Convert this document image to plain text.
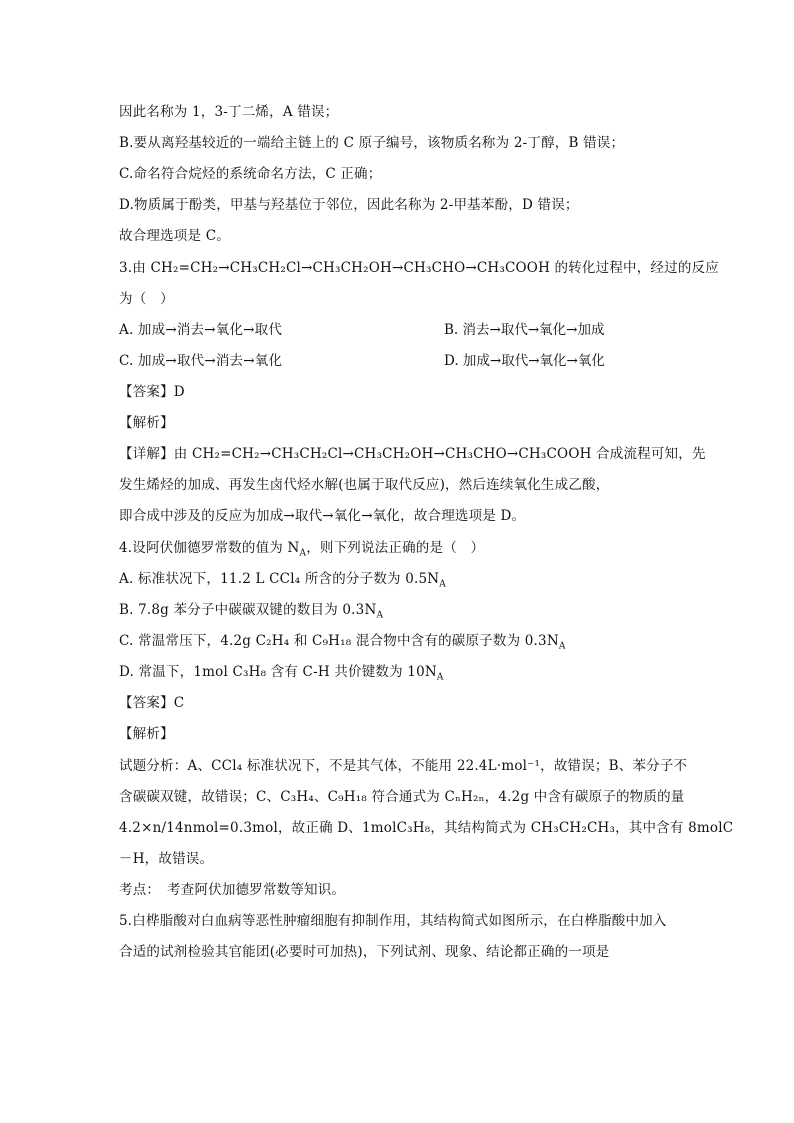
因此名称为 1，3-丁二烯，A 错误；
B.要从离羟基较近的一端给主链上的 C 原子编号，该物质名称为 2-丁醇，B 错误；
C.命名符合烷烃的系统命名方法，C 正确；
D.物质属于酚类，甲基与羟基位于邻位，因此名称为 2-甲基苯酚，D 错误；
故合理选项是 C。
3.由 CH₂=CH₂→CH₃CH₂Cl→CH₃CH₂OH→CH₃CHO→CH₃COOH 的转化过程中，经过的反应
为（　）
A. 加成→消去→氧化→取代	B. 消去→取代→氧化→加成
C. 加成→取代→消去→氧化	D. 加成→取代→氧化→氧化
【答案】D
【解析】
【详解】由 CH₂=CH₂→CH₃CH₂Cl→CH₃CH₂OH→CH₃CHO→CH₃COOH 合成流程可知，先
发生烯烃的加成、再发生卤代烃水解(也属于取代反应)，然后连续氧化生成乙酸，
即合成中涉及的反应为加成→取代→氧化→氧化，故合理选项是 D。
4.设阿伏伽德罗常数的值为 $N_A$，则下列说法正确的是（　）
A. 标准状况下，11.2 L CCl₄ 所含的分子数为 $0.5N_A$
B. 7.8g 苯分子中碳碳双键的数目为 $0.3N_A$
C. 常温常压下，4.2g C₂H₄ 和 C₉H₁₈ 混合物中含有的碳原子数为 $0.3N_A$
D. 常温下，1mol C₃H₈ 含有 C-H 共价键数为 $10N_A$
【答案】C
【解析】
试题分析：A、CCl₄ 标准状况下，不是其气体，不能用 22.4L·mol⁻¹，故错误；B、苯分子不
含碳碳双键，故错误；C、C₃H₄、C₉H₁₈ 符合通式为 CₙH₂ₙ，4.2g 中含有碳原子的物质的量
4.2×n/14nmol=0.3mol，故正确 D、1molC₃H₈，其结构简式为 CH₃CH₂CH₃，其中含有 8molC
－H，故错误。
考点：　考查阿伏加德罗常数等知识。
5.白桦脂酸对白血病等恶性肿瘤细胞有抑制作用，其结构简式如图所示，在白桦脂酸中加入
合适的试剂检验其官能团(必要时可加热)，下列试剂、现象、结论都正确的一项是
